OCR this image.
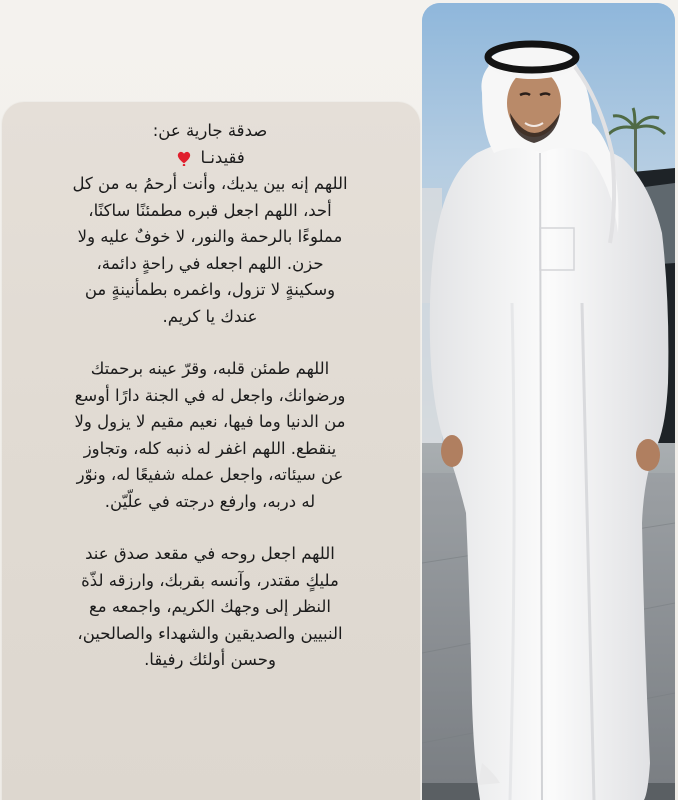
صدقة جارية عن:
فقيدنـا
اللهم إنه بين يديك، وأنت أرحمُ به من كل
أحد، اللهم اجعل قبره مطمئنًا ساكنًا،
مملوءًا بالرحمة والنور، لا خوفٌ عليه ولا
حزن. اللهم اجعله في راحةٍ دائمة،
وسكينةٍ لا تزول، واغمره بطمأنينةٍ من
عندك يا كريم.
اللهم طمئن قلبه، وقرّ عينه برحمتك
ورضوانك، واجعل له في الجنة دارًا أوسع
من الدنيا وما فيها، نعيم مقيم لا يزول ولا
ينقطع. اللهم اغفر له ذنبه كله، وتجاوز
عن سيئاته، واجعل عمله شفيعًا له، ونوّر
له دربه، وارفع درجته في علّيّن.
اللهم اجعل روحه في مقعد صدق عند
مليكٍ مقتدر، وآنسه بقربك، وارزقه لذّة
النظر إلى وجهك الكريم، واجمعه مع
النبيين والصديقين والشهداء والصالحين،
وحسن أولئك رفيقا.
